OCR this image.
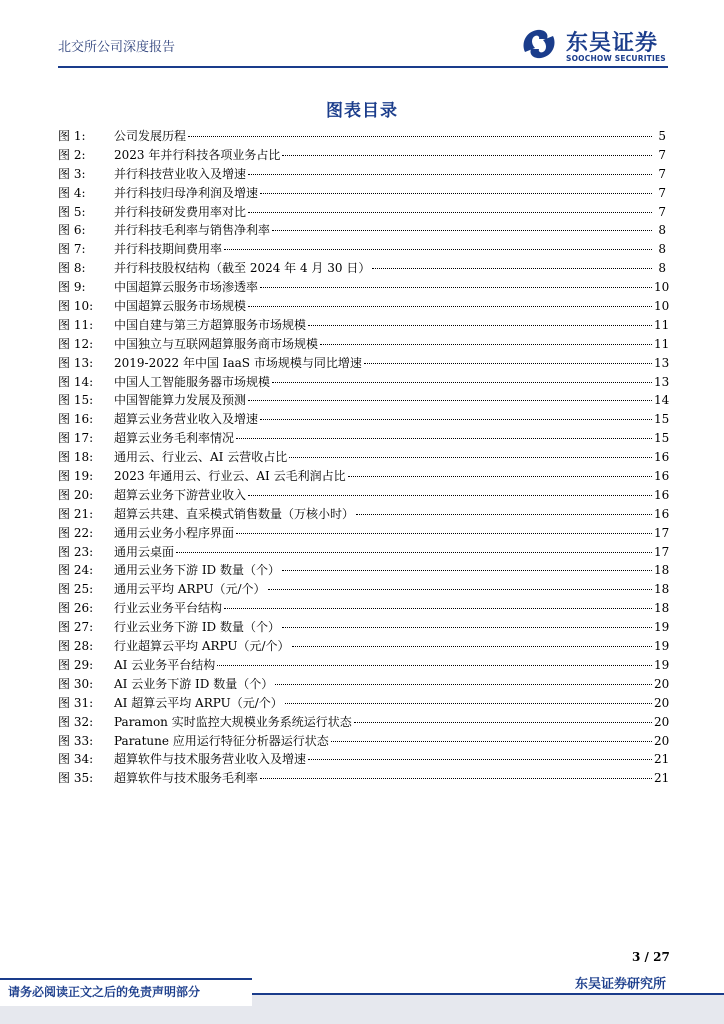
北交所公司深度报告	东吴证券
SOOCHOW SECURITIES
图表目录
图 1:	公司发展历程	5
图 2:	2023 年并行科技各项业务占比	7
图 3:	并行科技营业收入及增速	7
图 4:	并行科技归母净利润及增速	7
图 5:	并行科技研发费用率对比	7
图 6:	并行科技毛利率与销售净利率	8
图 7:	并行科技期间费用率	8
图 8:	并行科技股权结构（截至 2024 年 4 月 30 日）	8
图 9:	中国超算云服务市场渗透率	10
图 10:	中国超算云服务市场规模	10
图 11:	中国自建与第三方超算服务市场规模	11
图 12:	中国独立与互联网超算服务商市场规模	11
图 13:	2019-2022 年中国 IaaS 市场规模与同比增速	13
图 14:	中国人工智能服务器市场规模	13
图 15:	中国智能算力发展及预测	14
图 16:	超算云业务营业收入及增速	15
图 17:	超算云业务毛利率情况	15
图 18:	通用云、行业云、AI 云营收占比	16
图 19:	2023 年通用云、行业云、AI 云毛利润占比	16
图 20:	超算云业务下游营业收入	16
图 21:	超算云共建、直采模式销售数量（万核小时）	16
图 22:	通用云业务小程序界面	17
图 23:	通用云桌面	17
图 24:	通用云业务下游 ID 数量（个）	18
图 25:	通用云平均 ARPU（元/个）	18
图 26:	行业云业务平台结构	18
图 27:	行业云业务下游 ID 数量（个）	19
图 28:	行业超算云平均 ARPU（元/个）	19
图 29:	AI 云业务平台结构	19
图 30:	AI 云业务下游 ID 数量（个）	20
图 31:	AI 超算云平均 ARPU（元/个）	20
图 32:	Paramon 实时监控大规模业务系统运行状态	20
图 33:	Paratune 应用运行特征分析器运行状态	20
图 34:	超算软件与技术服务营业收入及增速	21
图 35:	超算软件与技术服务毛利率	21
3 / 27
东吴证券研究所
请务必阅读正文之后的免责声明部分
